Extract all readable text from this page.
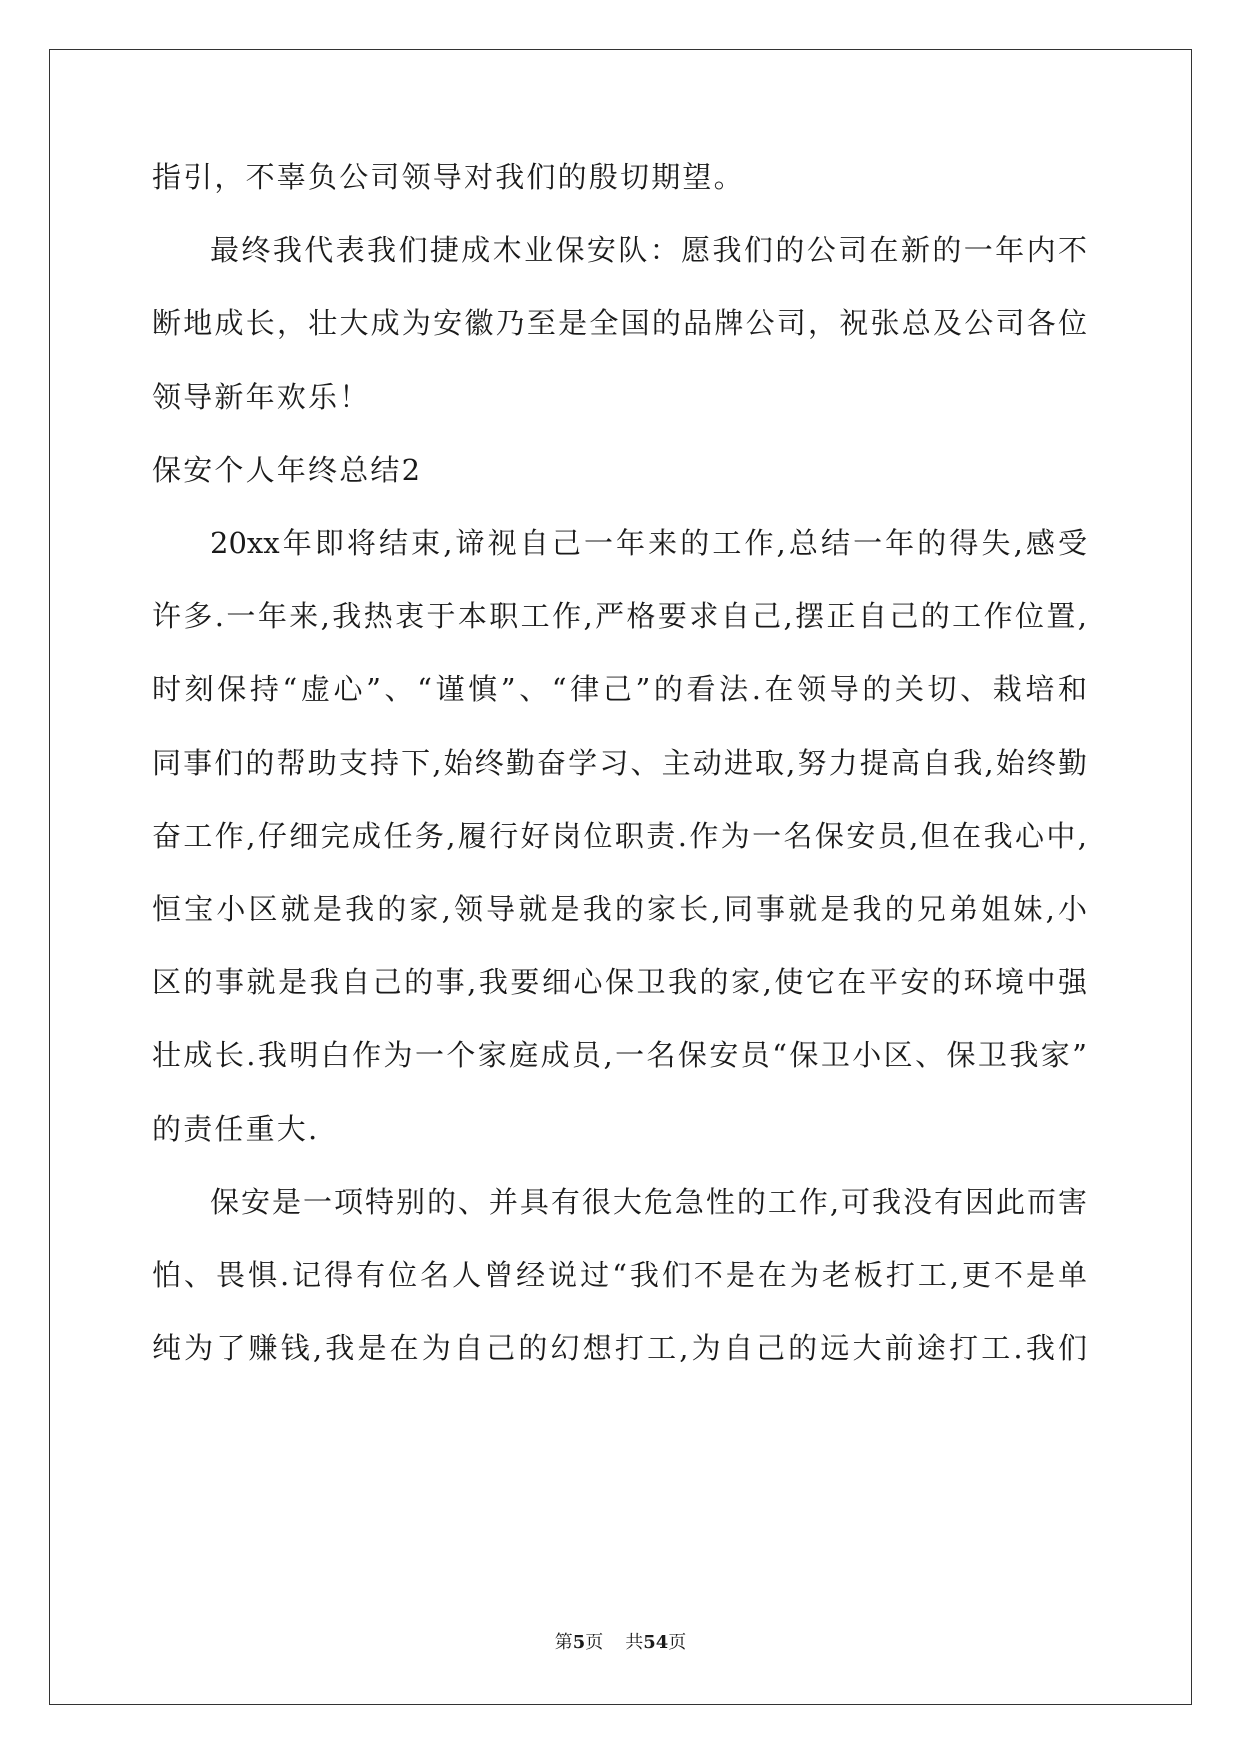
指引，不辜负公司领导对我们的殷切期望。
最终我代表我们捷成木业保安队：愿我们的公司在新的一年内不
断地成长，壮大成为安徽乃至是全国的品牌公司，祝张总及公司各位
领导新年欢乐！
保安个人年终总结2
20xx年即将结束,谛视自己一年来的工作,总结一年的得失,感受
许多.一年来,我热衷于本职工作,严格要求自己,摆正自己的工作位置,
时刻保持“虚心”、“谨慎”、“律己”的看法.在领导的关切、栽培和
同事们的帮助支持下,始终勤奋学习、主动进取,努力提高自我,始终勤
奋工作,仔细完成任务,履行好岗位职责.作为一名保安员,但在我心中,
恒宝小区就是我的家,领导就是我的家长,同事就是我的兄弟姐妹,小
区的事就是我自己的事,我要细心保卫我的家,使它在平安的环境中强
壮成长.我明白作为一个家庭成员,一名保安员“保卫小区、保卫我家”
的责任重大.
保安是一项特别的、并具有很大危急性的工作,可我没有因此而害
怕、畏惧.记得有位名人曾经说过“我们不是在为老板打工,更不是单
纯为了赚钱,我是在为自己的幻想打工,为自己的远大前途打工.我们
第5页 共54页
